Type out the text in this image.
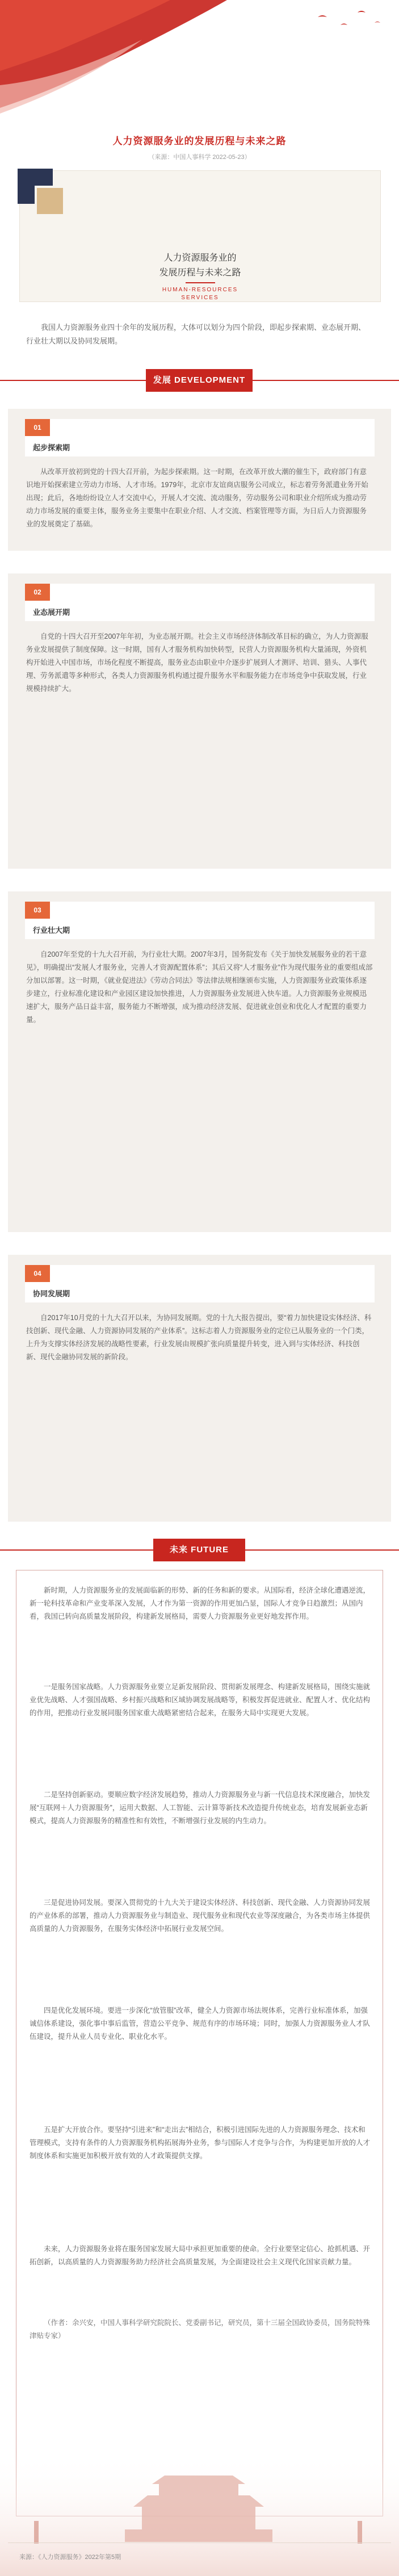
人力资源服务业的发展历程与未来之路
（来源：中国人事科学 2022-05-23）
人力资源服务业的
发展历程与未来之路
HUMAN-RESOURCES
SERVICES

我国人力资源服务业四十余年的发展历程，大体可以划分为四个阶段，即起步探索期、业态展开期、行业壮大期以及协同发展期。

发展 DEVELOPMENT
01
起步探索期

从改革开放初到党的十四大召开前，为起步探索期。这一时期，在改革开放大潮的催生下，政府部门有意识地开始探索建立劳动力市场、人才市场。1979年，北京市友谊商店服务公司成立，标志着劳务派遣业务开始出现；此后，各地纷纷设立人才交流中心，开展人才交流、流动服务，劳动服务公司和职业介绍所成为推动劳动力市场发展的重要主体，服务业务主要集中在职业介绍、人才交流、档案管理等方面，为日后人力资源服务业的发展奠定了基础。

02
业态展开期

自党的十四大召开至2007年年初，为业态展开期。社会主义市场经济体制改革目标的确立，为人力资源服务业发展提供了制度保障。这一时期，国有人才服务机构加快转型，民营人力资源服务机构大量涌现，外资机构开始进入中国市场，市场化程度不断提高，服务业态由职业中介逐步扩展到人才测评、培训、猎头、人事代理、劳务派遣等多种形式，各类人力资源服务机构通过提升服务水平和服务能力在市场竞争中获取发展，行业规模持续扩大。

03
行业壮大期

自2007年至党的十九大召开前，为行业壮大期。2007年3月，国务院发布《关于加快发展服务业的若干意见》，明确提出“发展人才服务业，完善人才资源配置体系”；其后又将“人才服务业”作为现代服务业的重要组成部分加以部署。这一时期，《就业促进法》《劳动合同法》等法律法规相继颁布实施，人力资源服务业政策体系逐步建立，行业标准化建设和产业园区建设加快推进，人力资源服务业发展进入快车道。人力资源服务业规模迅速扩大，服务产品日益丰富，服务能力不断增强，成为推动经济发展、促进就业创业和优化人才配置的重要力量。

04
协同发展期

自2017年10月党的十九大召开以来，为协同发展期。党的十九大报告提出，要“着力加快建设实体经济、科技创新、现代金融、人力资源协同发展的产业体系”。这标志着人力资源服务业的定位已从服务业的一个门类，上升为支撑实体经济发展的战略性要素，行业发展由规模扩张向质量提升转变，进入到与实体经济、科技创新、现代金融协同发展的新阶段。

未来 FUTURE

新时期，人力资源服务业的发展面临新的形势、新的任务和新的要求。从国际看，经济全球化遭遇逆流，新一轮科技革命和产业变革深入发展，人才作为第一资源的作用更加凸显，国际人才竞争日趋激烈；从国内看，我国已转向高质量发展阶段，构建新发展格局，需要人力资源服务业更好地发挥作用。

一是服务国家战略。人力资源服务业要立足新发展阶段、贯彻新发展理念、构建新发展格局，围绕实施就业优先战略、人才强国战略、乡村振兴战略和区域协调发展战略等，积极发挥促进就业、配置人才、优化结构的作用，把推动行业发展同服务国家重大战略紧密结合起来，在服务大局中实现更大发展。

二是坚持创新驱动。要顺应数字经济发展趋势，推动人力资源服务业与新一代信息技术深度融合，加快发展“互联网＋人力资源服务”，运用大数据、人工智能、云计算等新技术改造提升传统业态，培育发展新业态新模式，提高人力资源服务的精准性和有效性，不断增强行业发展的内生动力。

三是促进协同发展。要深入贯彻党的十九大关于建设实体经济、科技创新、现代金融、人力资源协同发展的产业体系的部署，推动人力资源服务业与制造业、现代服务业和现代农业等深度融合，为各类市场主体提供高质量的人力资源服务，在服务实体经济中拓展行业发展空间。

四是优化发展环境。要进一步深化“放管服”改革，健全人力资源市场法规体系，完善行业标准体系，加强诚信体系建设，强化事中事后监管，营造公平竞争、规范有序的市场环境；同时，加强人力资源服务业人才队伍建设，提升从业人员专业化、职业化水平。

五是扩大开放合作。要坚持“引进来”和“走出去”相结合，积极引进国际先进的人力资源服务理念、技术和管理模式，支持有条件的人力资源服务机构拓展海外业务，参与国际人才竞争与合作，为构建更加开放的人才制度体系和实施更加积极开放有效的人才政策提供支撑。

未来，人力资源服务业将在服务国家发展大局中承担更加重要的使命。全行业要坚定信心、抢抓机遇、开拓创新，以高质量的人力资源服务助力经济社会高质量发展，为全面建设社会主义现代化国家贡献力量。

（作者：余兴安，中国人事科学研究院院长、党委副书记，研究员，第十三届全国政协委员，国务院特殊津贴专家）

来源：《人力资源服务》2022年第5期
